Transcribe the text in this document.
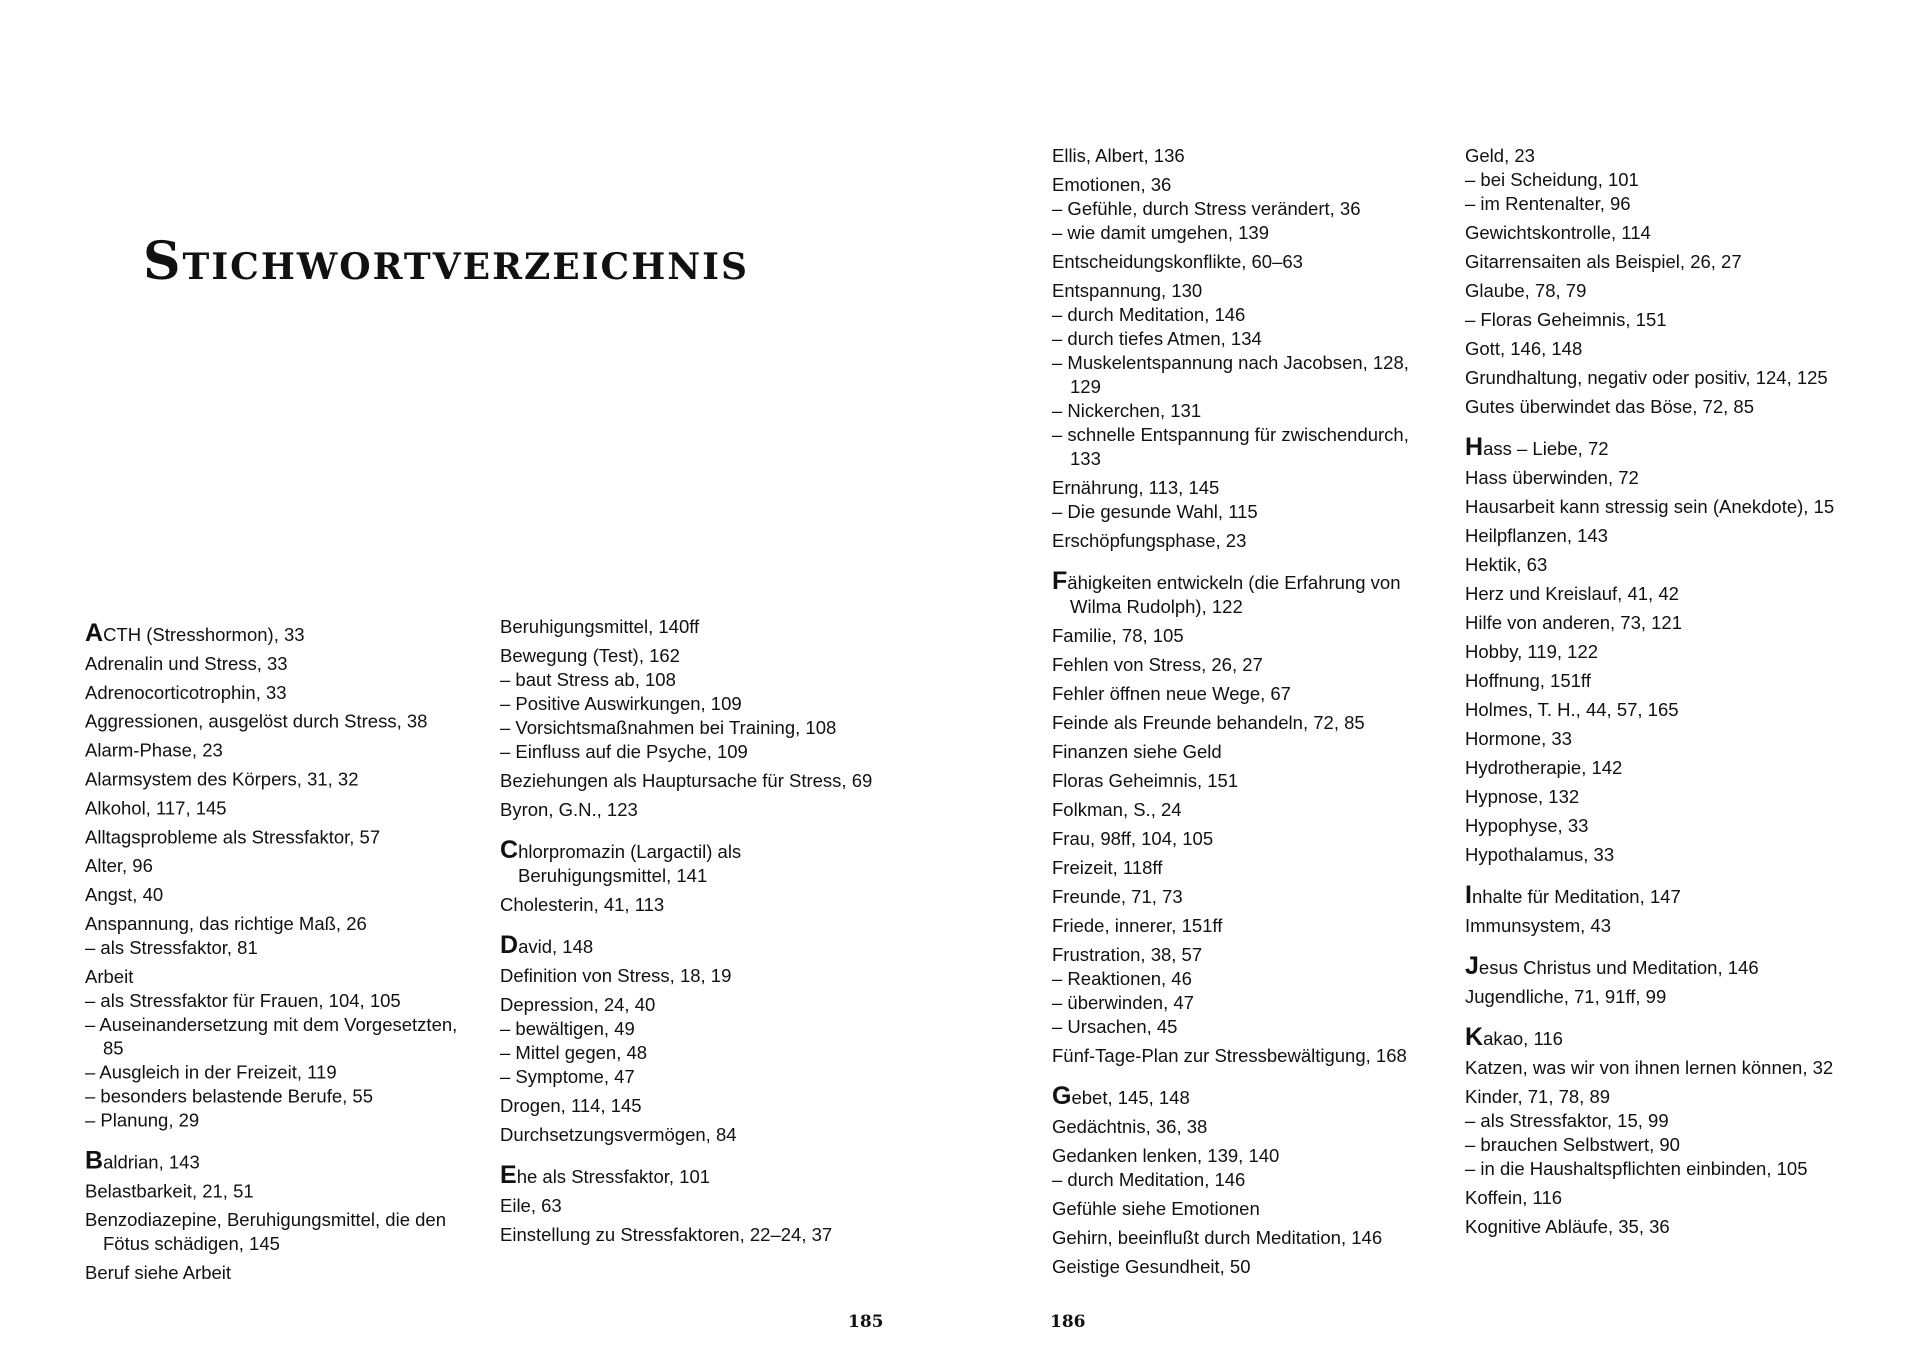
Stichwortverzeichnis
ACTH (Stresshormon), 33
Adrenalin und Stress, 33
Adrenocorticotrophin, 33
Aggressionen, ausgelöst durch Stress, 38
Alarm-Phase, 23
Alarmsystem des Körpers, 31, 32
Alkohol, 117, 145
Alltagsprobleme als Stressfaktor, 57
Alter, 96
Angst, 40
Anspannung, das richtige Maß, 26
– als Stressfaktor, 81
Arbeit
– als Stressfaktor für Frauen, 104, 105
– Auseinandersetzung mit dem Vorgesetzten, 85
– Ausgleich in der Freizeit, 119
– besonders belastende Berufe, 55
– Planung, 29
Baldrian, 143
Belastbarkeit, 21, 51
Benzodiazepine, Beruhigungsmittel, die den Fötus schädigen, 145
Beruf siehe Arbeit
Beruhigungsmittel, 140ff
Bewegung (Test), 162
– baut Stress ab, 108
– Positive Auswirkungen, 109
– Vorsichtsmaßnahmen bei Training, 108
– Einfluss auf die Psyche, 109
Beziehungen als Hauptursache für Stress, 69
Byron, G.N., 123
Chlorpromazin (Largactil) als Beruhigungsmittel, 141
Cholesterin, 41, 113
David, 148
Definition von Stress, 18, 19
Depression, 24, 40
– bewältigen, 49
– Mittel gegen, 48
– Symptome, 47
Drogen, 114, 145
Durchsetzungsvermögen, 84
Ehe als Stressfaktor, 101
Eile, 63
Einstellung zu Stressfaktoren, 22–24, 37
Ellis, Albert, 136
Emotionen, 36
– Gefühle, durch Stress verändert, 36
– wie damit umgehen, 139
Entscheidungskonflikte, 60–63
Entspannung, 130
– durch Meditation, 146
– durch tiefes Atmen, 134
– Muskelentspannung nach Jacobsen, 128, 129
– Nickerchen, 131
– schnelle Entspannung für zwischendurch, 133
Ernährung, 113, 145
– Die gesunde Wahl, 115
Erschöpfungsphase, 23
Fähigkeiten entwickeln (die Erfahrung von Wilma Rudolph), 122
Familie, 78, 105
Fehlen von Stress, 26, 27
Fehler öffnen neue Wege, 67
Feinde als Freunde behandeln, 72, 85
Finanzen siehe Geld
Floras Geheimnis, 151
Folkman, S., 24
Frau, 98ff, 104, 105
Freizeit, 118ff
Freunde, 71, 73
Friede, innerer, 151ff
Frustration, 38, 57
– Reaktionen, 46
– überwinden, 47
– Ursachen, 45
Fünf-Tage-Plan zur Stressbewältigung, 168
Gebet, 145, 148
Gedächtnis, 36, 38
Gedanken lenken, 139, 140
– durch Meditation, 146
Gefühle siehe Emotionen
Gehirn, beeinflußt durch Meditation, 146
Geistige Gesundheit, 50
Geld, 23
– bei Scheidung, 101
– im Rentenalter, 96
Gewichtskontrolle, 114
Gitarrensaiten als Beispiel, 26, 27
Glaube, 78, 79
– Floras Geheimnis, 151
Gott, 146, 148
Grundhaltung, negativ oder positiv, 124, 125
Gutes überwindet das Böse, 72, 85
Hass – Liebe, 72
Hass überwinden, 72
Hausarbeit kann stressig sein (Anekdote), 15
Heilpflanzen, 143
Hektik, 63
Herz und Kreislauf, 41, 42
Hilfe von anderen, 73, 121
Hobby, 119, 122
Hoffnung, 151ff
Holmes, T. H., 44, 57, 165
Hormone, 33
Hydrotherapie, 142
Hypnose, 132
Hypophyse, 33
Hypothalamus, 33
Inhalte für Meditation, 147
Immunsystem, 43
Jesus Christus und Meditation, 146
Jugendliche, 71, 91ff, 99
Kakao, 116
Katzen, was wir von ihnen lernen können, 32
Kinder, 71, 78, 89
– als Stressfaktor, 15, 99
– brauchen Selbstwert, 90
– in die Haushaltspflichten einbinden, 105
Koffein, 116
Kognitive Abläufe, 35, 36
185	186
